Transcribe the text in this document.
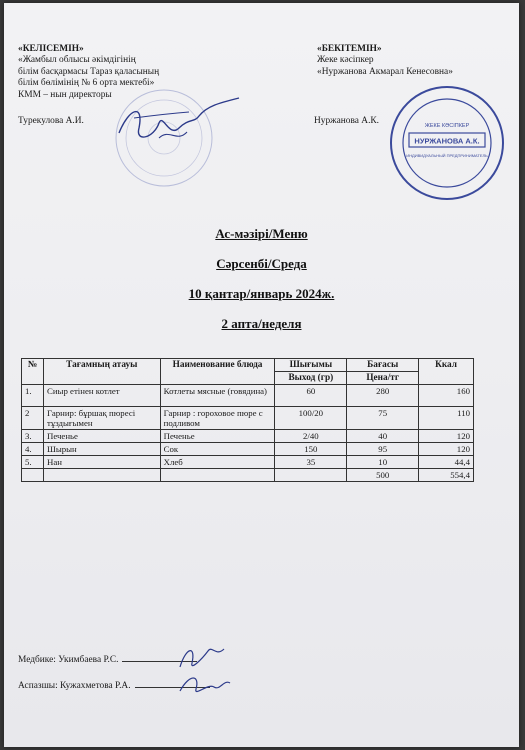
«КЕЛІСЕМІН»
«Жамбыл облысы әкімдігінің
білім басқармасы Тараз қаласының
білім бөлімінің № 6 орта мектебі»
КММ – нын директоры
Турекулова А.И.
«БЕКІТЕМІН»
Жеке кәсіпкер
«Нуржанова Акмарал Кенесовна»
Нуржанова А.К.
НУРЖАНОВА А.К.
ЖЕКЕ КӘСІПКЕР
ИНДИВИДУАЛЬНЫЙ ПРЕДПРИНИМАТЕЛЬ
Ас-мәзірі/Меню
Сәрсенбі/Среда
10 қантар/январь 2024ж.
2 апта/неделя
№	Тағамның атауы	Наименование блюда	Шығымы	Бағасы	Ккал
			Выход (гр)	Цена/тг	
1.	Сиыр етінен котлет	Котлеты мясные (говядина)	60	280	160
2	Гарнир: бұршақ пюресі тұздығымен	Гарнир : гороховое пюре с подливом	100/20	75	110
3.	Печенье	Печенье	2/40	40	120
4.	Шырын	Сок	150	95	120
5.	Нан	Хлеб	35	10	44,4
				500	554,4
Медбике: Укимбаева Р.С.
Аспазшы: Кужахметова Р.А.
